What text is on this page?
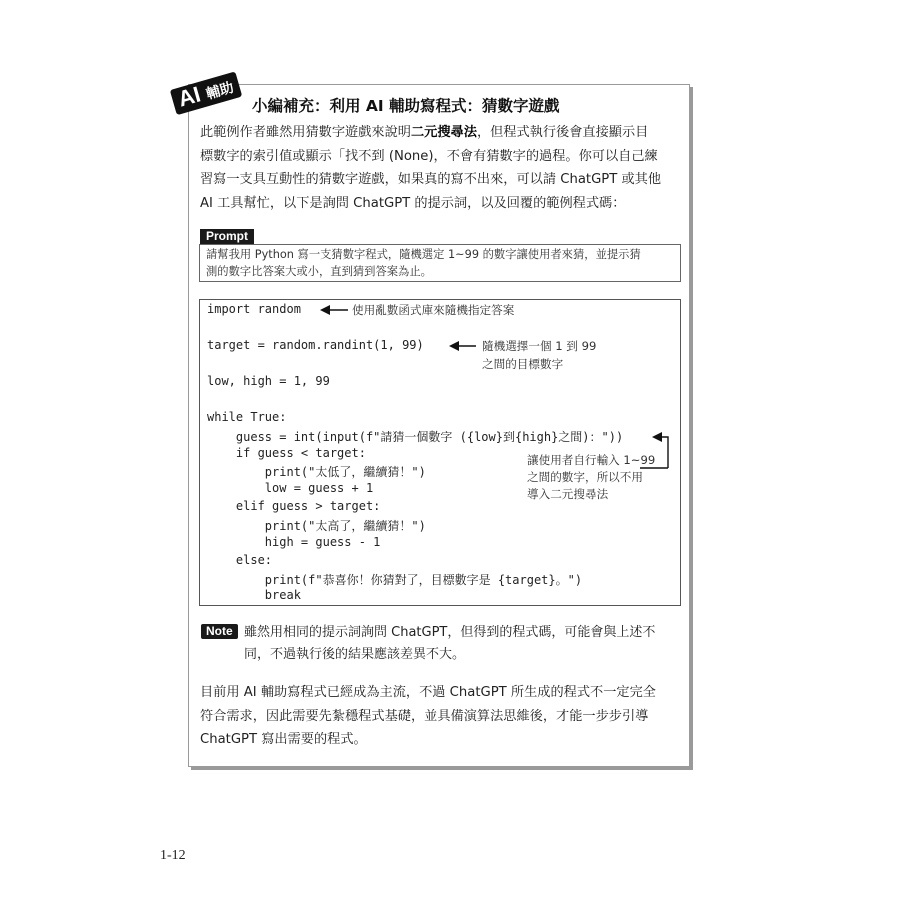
AI 輔助
小編補充：利用 AI 輔助寫程式：猜數字遊戲
此範例作者雖然用猜數字遊戲來說明二元搜尋法，但程式執行後會直接顯示目
標數字的索引值或顯示「找不到 (None)，不會有猜數字的過程。你可以自己練
習寫一支具互動性的猜數字遊戲，如果真的寫不出來，可以請 ChatGPT 或其他
AI 工具幫忙，以下是詢問 ChatGPT 的提示詞，以及回覆的範例程式碼：
Prompt
請幫我用 Python 寫一支猜數字程式，隨機選定 1~99 的數字讓使用者來猜，並提示猜
測的數字比答案大或小，直到猜到答案為止。
import random
target = random.randint(1, 99)
low, high = 1, 99
while True:
guess = int(input(f"請猜一個數字 ({low}到{high}之間)："))
if guess < target:
print("太低了，繼續猜！")
low = guess + 1
elif guess > target:
print("太高了，繼續猜！")
high = guess - 1
else:
print(f"恭喜你！你猜對了，目標數字是 {target}。")
break
使用亂數函式庫來隨機指定答案
隨機選擇一個 1 到 99
之間的目標數字
讓使用者自行輸入 1~99
之間的數字，所以不用
導入二元搜尋法
Note 雖然用相同的提示詞詢問 ChatGPT，但得到的程式碼，可能會與上述不
同，不過執行後的結果應該差異不大。
目前用 AI 輔助寫程式已經成為主流，不過 ChatGPT 所生成的程式不一定完全
符合需求，因此需要先紮穩程式基礎，並具備演算法思維後，才能一步步引導
ChatGPT 寫出需要的程式。
1-12
